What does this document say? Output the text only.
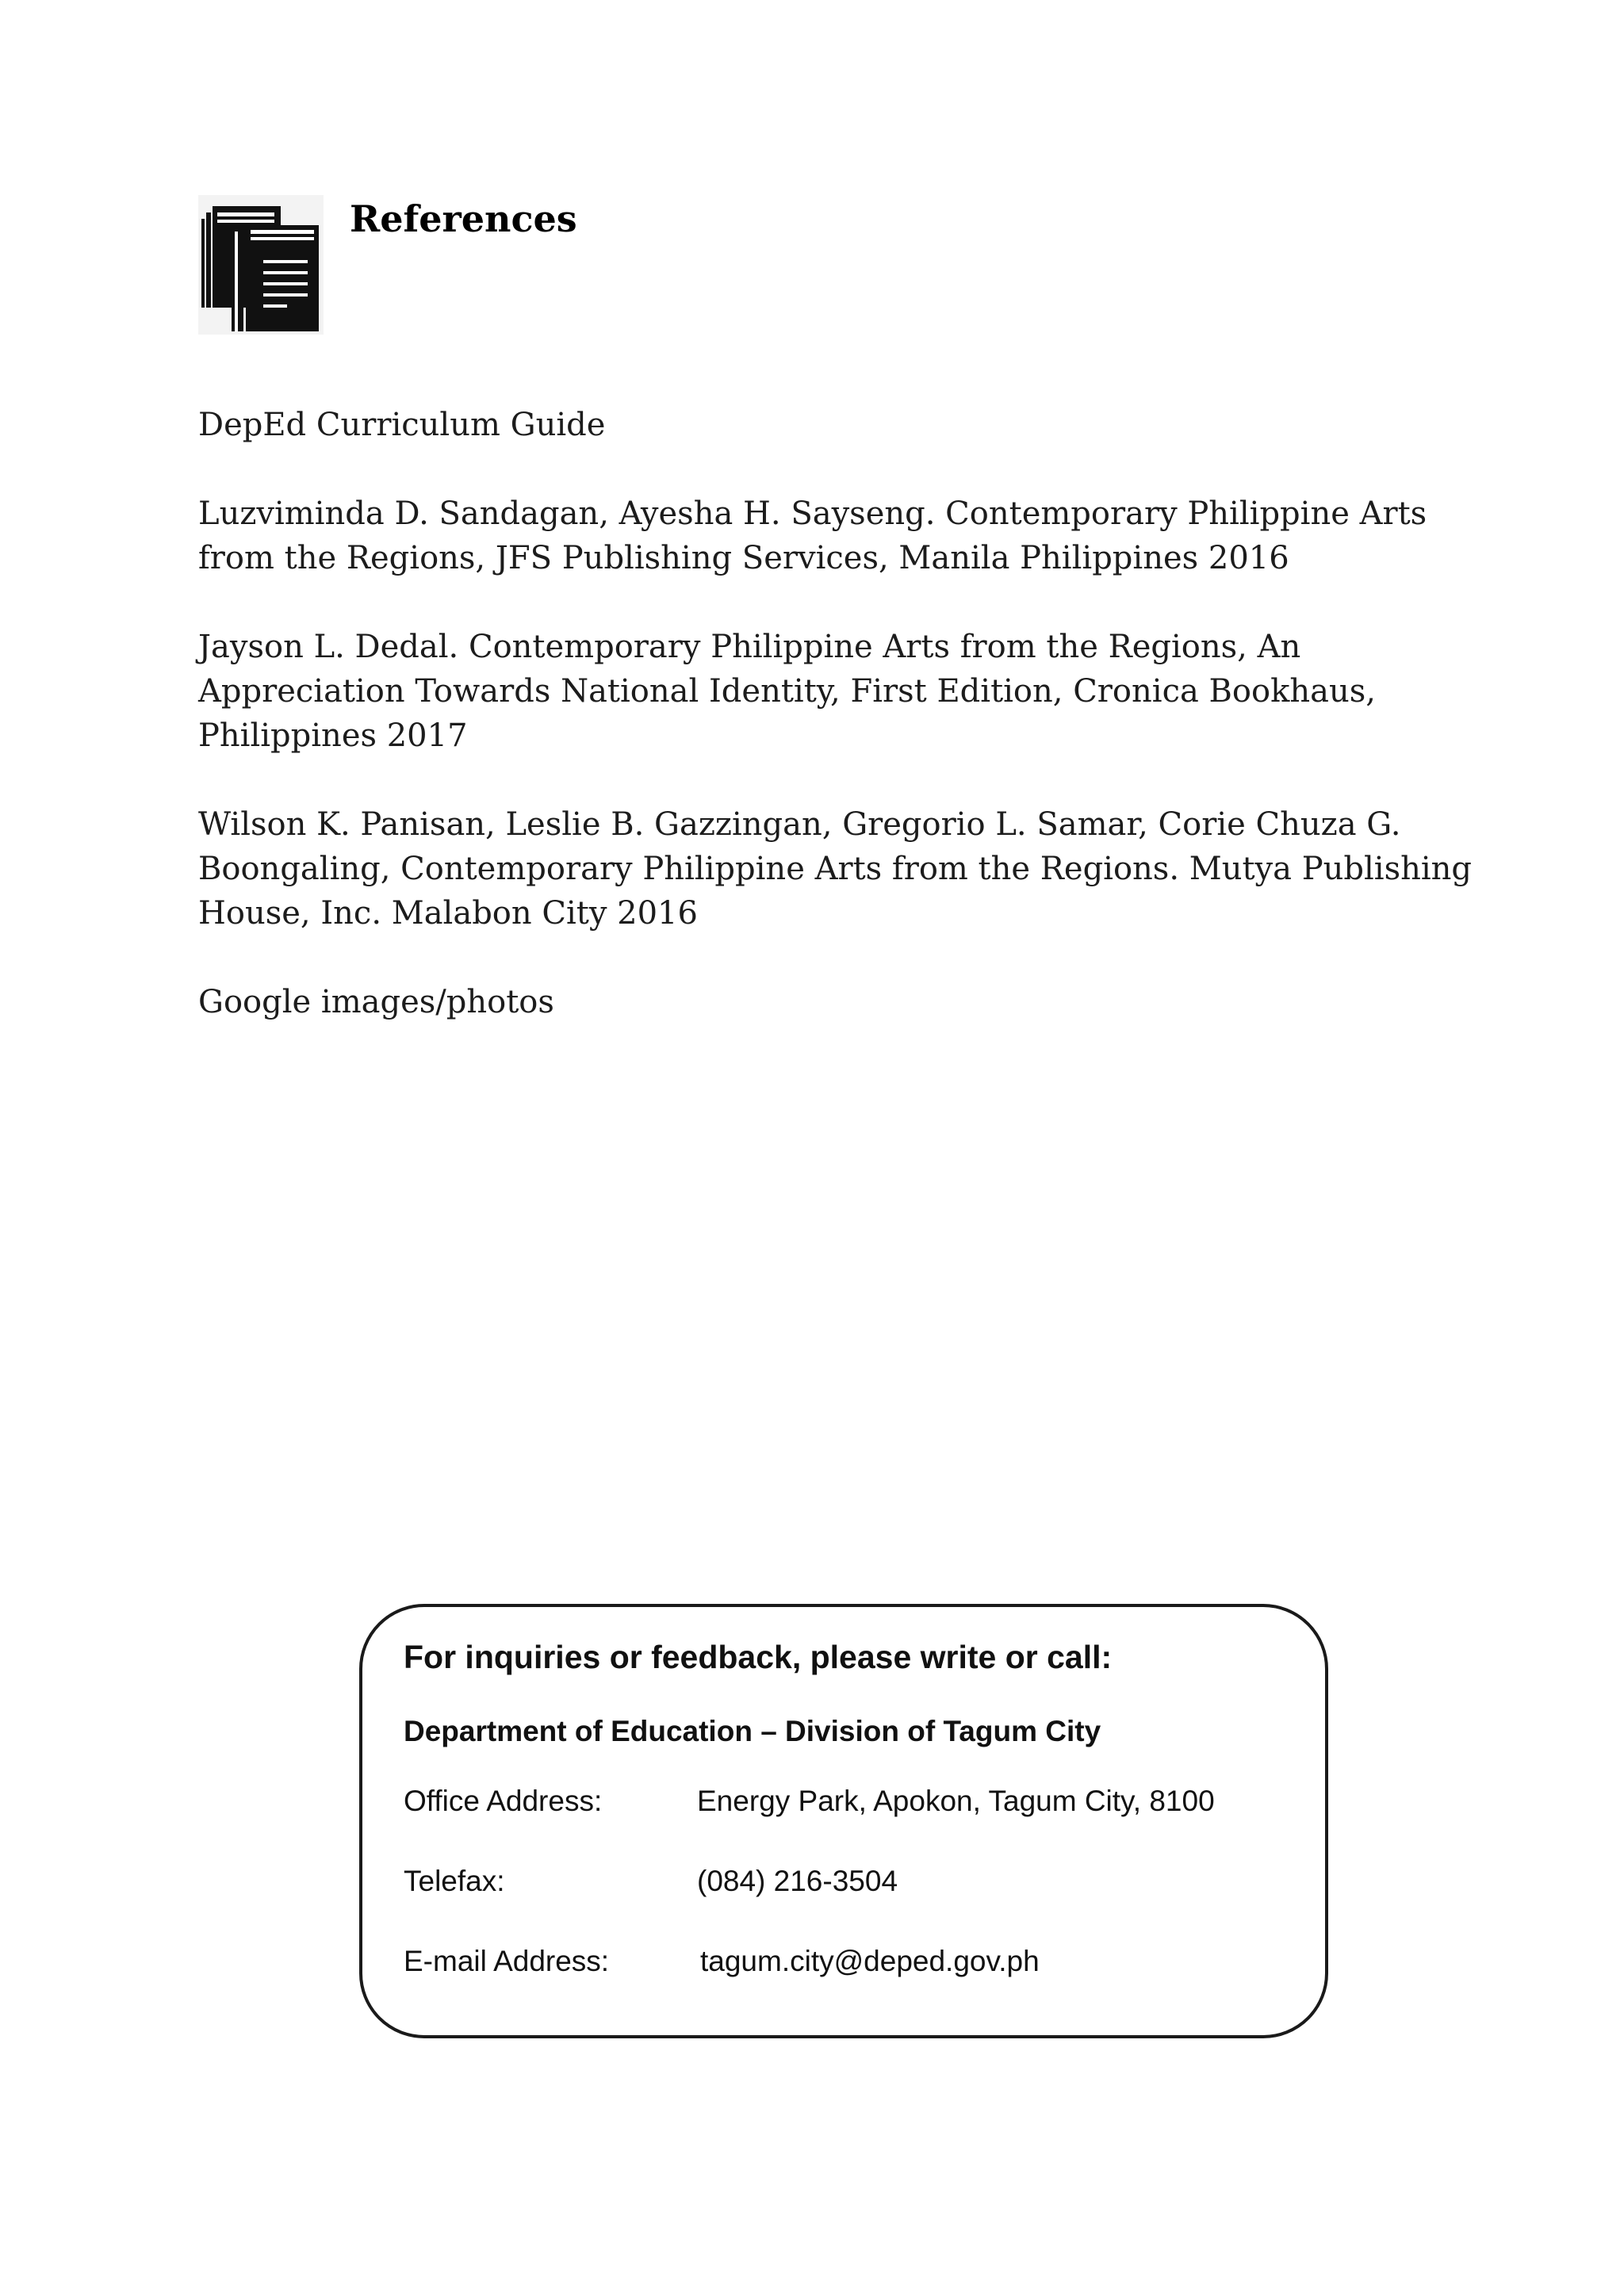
References
DepEd Curriculum Guide
Luzviminda D. Sandagan, Ayesha H. Sayseng. Contemporary Philippine Arts from the Regions, JFS Publishing Services, Manila Philippines 2016
Jayson L. Dedal. Contemporary Philippine Arts from the Regions, An Appreciation Towards National Identity, First Edition, Cronica Bookhaus, Philippines 2017
Wilson K. Panisan, Leslie B. Gazzingan, Gregorio L. Samar, Corie Chuza G. Boongaling, Contemporary Philippine Arts from the Regions. Mutya Publishing House, Inc. Malabon City 2016
Google images/photos

For inquiries or feedback, please write or call:

Department of Education – Division of Tagum City

Office Address:	Energy Park, Apokon, Tagum City, 8100
Telefax:	(084) 216-3504
E-mail Address:	tagum.city@deped.gov.ph
